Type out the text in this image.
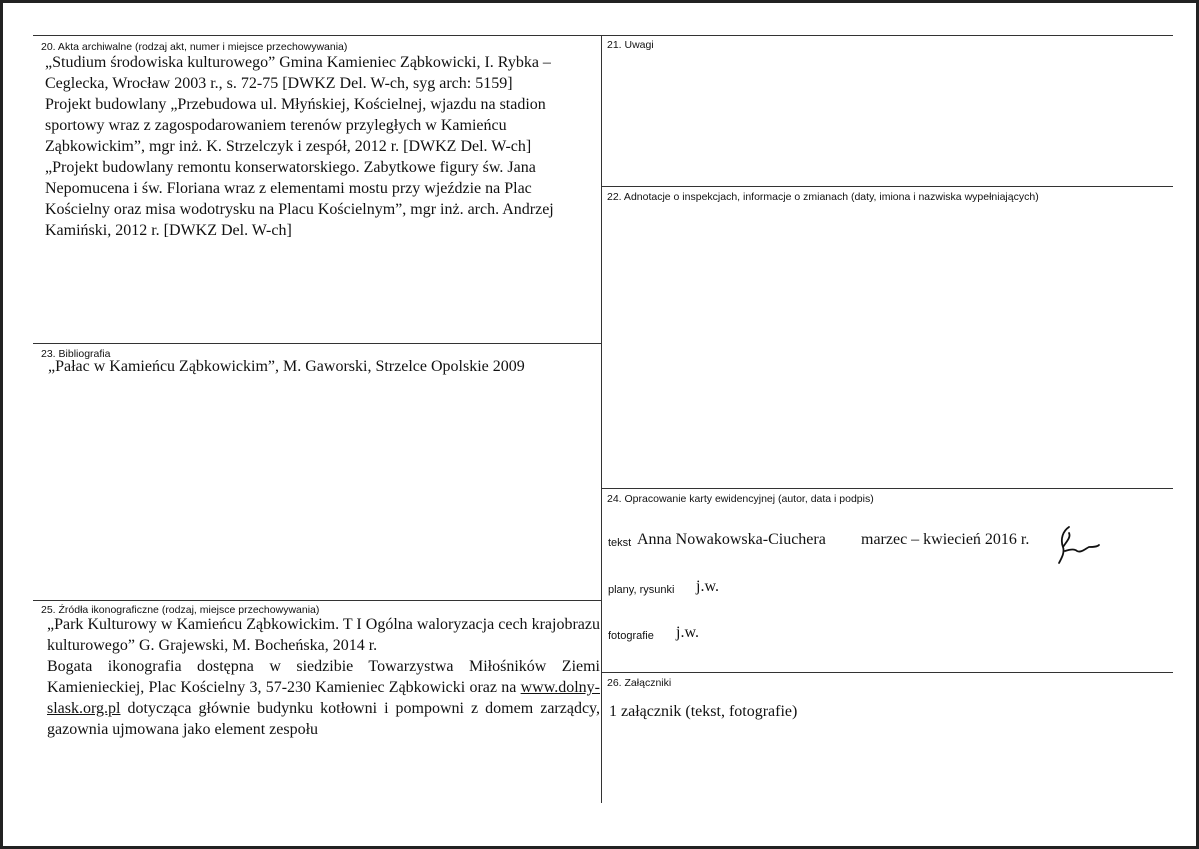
20. Akta archiwalne (rodzaj akt, numer i miejsce przechowywania)

„Studium środowiska kulturowego” Gmina Kamieniec Ząbkowicki, I. Rybka –

Ceglecka, Wrocław 2003 r., s. 72-75 [DWKZ Del. W-ch, syg arch: 5159]

Projekt budowlany „Przebudowa ul. Młyńskiej, Kościelnej, wjazdu na stadion

sportowy wraz z zagospodarowaniem terenów przyległych w Kamieńcu

Ząbkowickim”, mgr inż. K. Strzelczyk i zespół, 2012 r. [DWKZ Del. W-ch]

„Projekt budowlany remontu konserwatorskiego. Zabytkowe figury św. Jana

Nepomucena i św. Floriana wraz z elementami mostu przy wjeździe na Plac

Kościelny oraz misa wodotrysku na Placu Kościelnym”, mgr inż. arch. Andrzej

Kamiński, 2012 r. [DWKZ Del. W-ch]

21. Uwagi
22. Adnotacje o inspekcjach, informacje o zmianach (daty, imiona i nazwiska wypełniających)
23. Bibliografia
„Pałac w Kamieńcu Ząbkowickim”, M. Gaworski, Strzelce Opolskie 2009
24. Opracowanie karty ewidencyjnej (autor, data i podpis)
tekst Anna Nowakowska-Ciuchera marzec – kwiecień 2016 r.
plany, rysunki j.w.
fotografie j.w.
25. Źródła ikonograficzne (rodzaj, miejsce przechowywania)

„Park Kulturowy w Kamieńcu Ząbkowickim. T I Ogólna waloryzacja cech krajobrazu kulturowego” G. Grajewski, M. Bocheńska, 2014 r.

Bogata ikonografia dostępna w siedzibie Towarzystwa Miłośników Ziemi Kamienieckiej, Plac Kościelny 3, 57-230 Kamieniec Ząbkowicki oraz na www.dolny-slask.org.pl dotycząca głównie budynku kotłowni i pompowni z domem zarządcy, gazownia ujmowana jako element zespołu

26. Załączniki
1 załącznik (tekst, fotografie)
